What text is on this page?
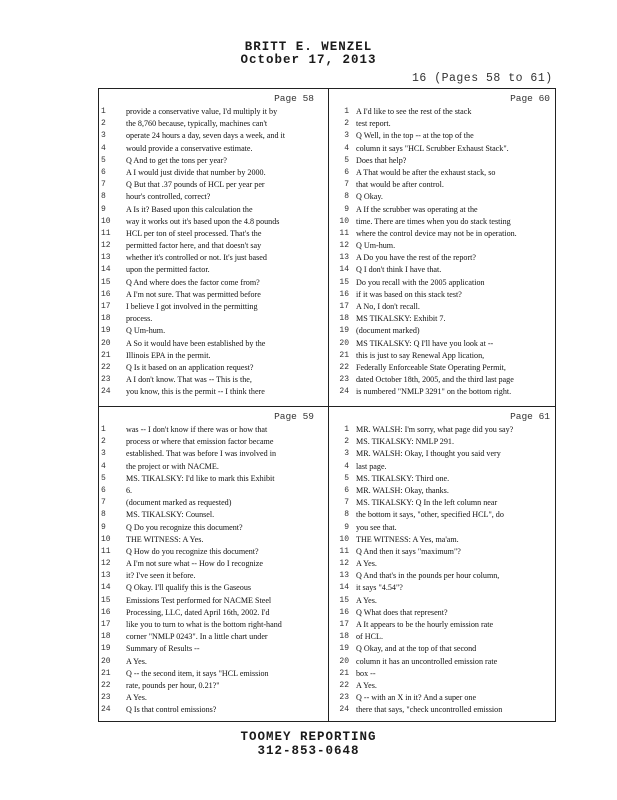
BRITT E. WENZEL
October 17, 2013
16 (Pages 58 to 61)
Page 58
1	provide a conservative value, I'd multiply it by
2	the 8,760 because, typically, machines can't
3	operate 24 hours a day, seven days a week, and it
4	would provide a conservative estimate.
5	Q And to get the tons per year?
6	A I would just divide that number by 2000.
7	Q But that .37 pounds of HCL per year per
8	hour's controlled, correct?
9	A Is it? Based upon this calculation the
10	way it works out it's based upon the 4.8 pounds
11	HCL per ton of steel processed. That's the
12	permitted factor here, and that doesn't say
13	whether it's controlled or not. It's just based
14	upon the permitted factor.
15	Q And where does the factor come from?
16	A I'm not sure. That was permitted before
17	I believe I got involved in the permitting
18	process.
19	Q Um-hum.
20	A So it would have been established by the
21	Illinois EPA in the permit.
22	Q Is it based on an application request?
23	A I don't know. That was -- This is the,
24	you know, this is the permit -- I think there
Page 60
1 A I'd like to see the rest of the stack
2 test report.
3 Q Well, in the top -- at the top of the
4 column it says "HCL Scrubber Exhaust Stack".
5 Does that help?
6 A That would be after the exhaust stack, so
7 that would be after control.
8 Q Okay.
9 A If the scrubber was operating at the
10 time. There are times when you do stack testing
11 where the control device may not be in operation.
12 Q Um-hum.
13 A Do you have the rest of the report?
14 Q I don't think I have that.
15 Do you recall with the 2005 application
16 if it was based on this stack test?
17 A No, I don't recall.
18 MS TIKALSKY: Exhibit 7.
19 (document marked)
20 MS TIKALSKY: Q I'll have you look at --
21 this is just to say Renewal App lication,
22 Federally Enforceable State Operating Permit,
23 dated October 18th, 2005, and the third last page
24 is numbered "NMLP 3291" on the bottom right.
Page 59
1	was -- I don't know if there was or how that
2	process or where that emission factor became
3	established. That was before I was involved in
4	the project or with NACME.
5	MS. TIKALSKY: I'd like to mark this Exhibit
6	6.
7	(document marked as requested)
8	MS. TIKALSKY: Counsel.
9	Q Do you recognize this document?
10	THE WITNESS: A Yes.
11	Q How do you recognize this document?
12	A I'm not sure what -- How do I recognize
13	it? I've seen it before.
14	Q Okay. I'll qualify this is the Gaseous
15	Emissions Test performed for NACME Steel
16	Processing, LLC, dated April 16th, 2002. I'd
17	like you to turn to what is the bottom right-hand
18	corner "NMLP 0243". In a little chart under
19	Summary of Results --
20	A Yes.
21	Q -- the second item, it says "HCL emission
22	rate, pounds per hour, 0.21?"
23	A Yes.
24	Q Is that control emissions?
Page 61
1 MR. WALSH: I'm sorry, what page did you say?
2 MS. TIKALSKY: NMLP 291.
3 MR. WALSH: Okay, I thought you said very
4 last page.
5 MS. TIKALSKY: Third one.
6 MR. WALSH: Okay, thanks.
7 MS. TIKALSKY: Q In the left column near
8 the bottom it says, "other, specified HCL", do
9 you see that.
10 THE WITNESS: A Yes, ma'am.
11 Q And then it says "maximum"?
12 A Yes.
13 Q And that's in the pounds per hour column,
14 it says "4.54"?
15 A Yes.
16 Q What does that represent?
17 A It appears to be the hourly emission rate
18 of HCL.
19 Q Okay, and at the top of that second
20 column it has an uncontrolled emission rate
21 box --
22 A Yes.
23 Q -- with an X in it? And a super one
24 there that says, "check uncontrolled emission
TOOMEY REPORTING
312-853-0648
